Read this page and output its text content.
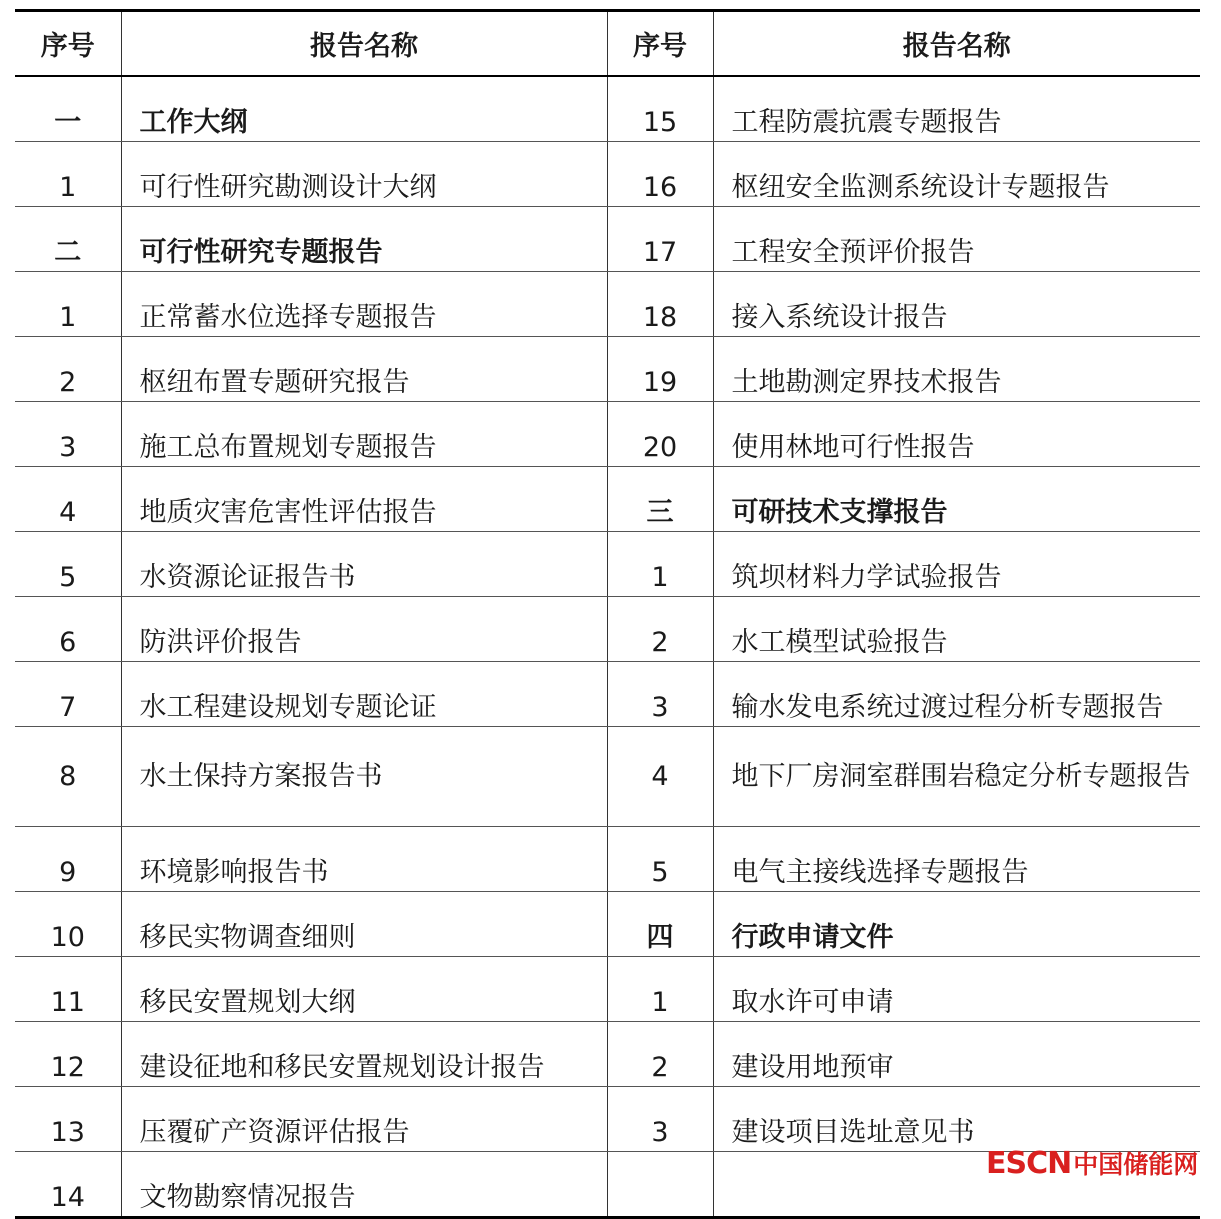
序号	报告名称	序号	报告名称
一	工作大纲	15	工程防震抗震专题报告
1	可行性研究勘测设计大纲	16	枢纽安全监测系统设计专题报告
二	可行性研究专题报告	17	工程安全预评价报告
1	正常蓄水位选择专题报告	18	接入系统设计报告
2	枢纽布置专题研究报告	19	土地勘测定界技术报告
3	施工总布置规划专题报告	20	使用林地可行性报告
4	地质灾害危害性评估报告	三	可研技术支撑报告
5	水资源论证报告书	1	筑坝材料力学试验报告
6	防洪评价报告	2	水工模型试验报告
7	水工程建设规划专题论证	3	输水发电系统过渡过程分析专题报告
8	水土保持方案报告书	4	地下厂房洞室群围岩稳定分析专题报告
9	环境影响报告书	5	电气主接线选择专题报告
10	移民实物调查细则	四	行政申请文件
11	移民安置规划大纲	1	取水许可申请
12	建设征地和移民安置规划设计报告	2	建设用地预审
13	压覆矿产资源评估报告	3	建设项目选址意见书
14	文物勘察情况报告		
ESCN中国储能网
